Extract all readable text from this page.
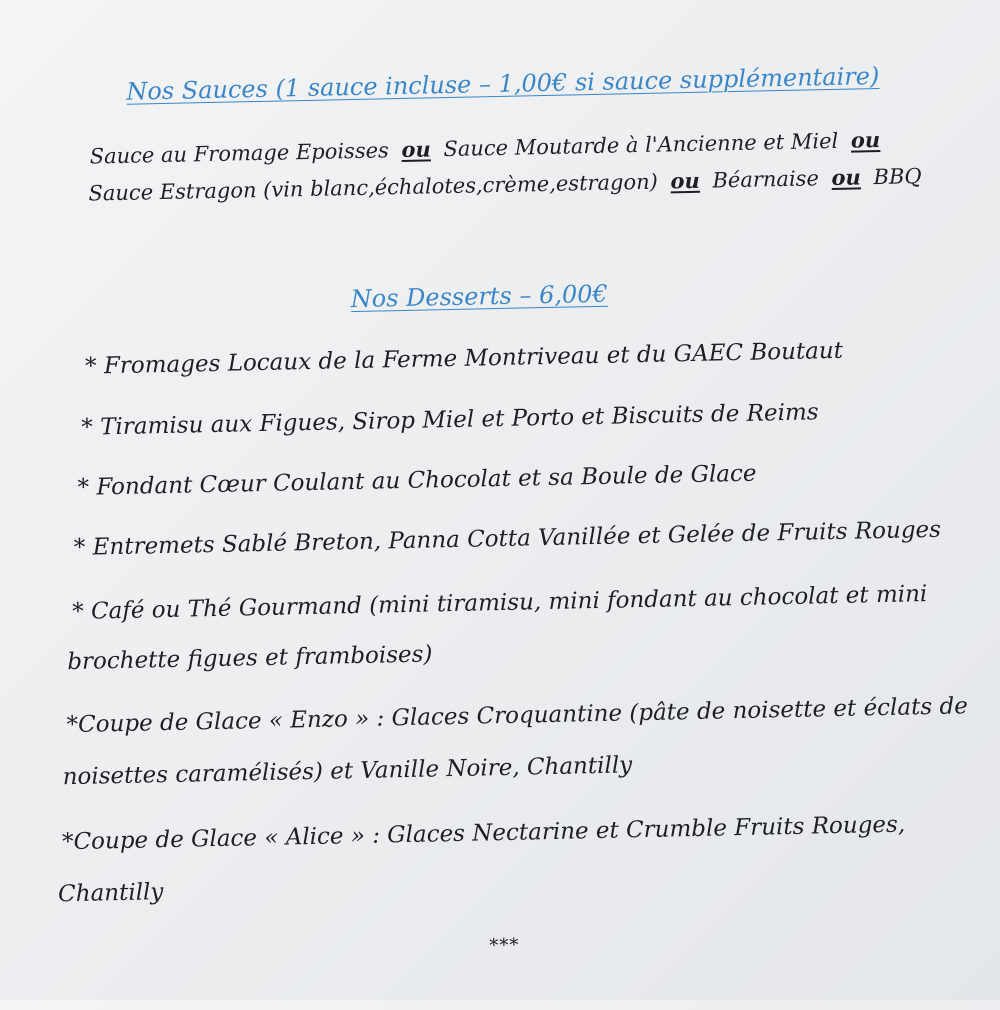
Nos Sauces (1 sauce incluse – 1,00€ si sauce supplémentaire)
Sauce au Fromage Epoisses ou Sauce Moutarde à l'Ancienne et Miel ou
Sauce Estragon (vin blanc,échalotes,crème,estragon) ou Béarnaise ou BBQ
Nos Desserts – 6,00€
* Fromages Locaux de la Ferme Montriveau et du GAEC Boutaut
* Tiramisu aux Figues, Sirop Miel et Porto et Biscuits de Reims
* Fondant Cœur Coulant au Chocolat et sa Boule de Glace
* Entremets Sablé Breton, Panna Cotta Vanillée et Gelée de Fruits Rouges
* Café ou Thé Gourmand (mini tiramisu, mini fondant au chocolat et mini
brochette figues et framboises)
*Coupe de Glace « Enzo » : Glaces Croquantine (pâte de noisette et éclats de
noisettes caramélisés) et Vanille Noire, Chantilly
*Coupe de Glace « Alice » : Glaces Nectarine et Crumble Fruits Rouges,
Chantilly
***
